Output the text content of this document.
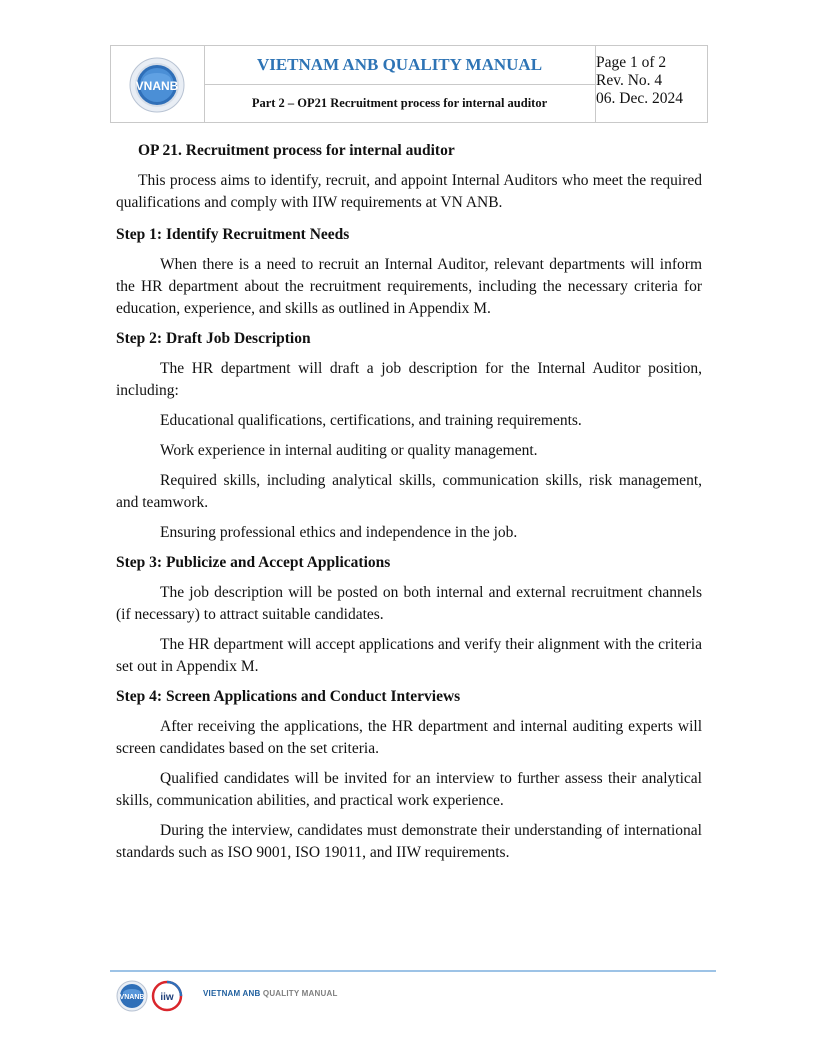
VNANB
VIETNAM ANB QUALITY MANUAL
Part 2 – OP21 Recruitment process for internal auditor
Page 1 of 2
Rev. No. 4
06. Dec. 2024

OP 21. Recruitment process for internal auditor

This process aims to identify, recruit, and appoint Internal Auditors who meet the required qualifications and comply with IIW requirements at VN ANB.

Step 1: Identify Recruitment Needs

When there is a need to recruit an Internal Auditor, relevant departments will inform the HR department about the recruitment requirements, including the necessary criteria for education, experience, and skills as outlined in Appendix M.

Step 2: Draft Job Description

The HR department will draft a job description for the Internal Auditor position, including:

Educational qualifications, certifications, and training requirements.

Work experience in internal auditing or quality management.

Required skills, including analytical skills, communication skills, risk management, and teamwork.

Ensuring professional ethics and independence in the job.

Step 3: Publicize and Accept Applications

The job description will be posted on both internal and external recruitment channels (if necessary) to attract suitable candidates.

The HR department will accept applications and verify their alignment with the criteria set out in Appendix M.

Step 4: Screen Applications and Conduct Interviews

After receiving the applications, the HR department and internal auditing experts will screen candidates based on the set criteria.

Qualified candidates will be invited for an interview to further assess their analytical skills, communication abilities, and practical work experience.

During the interview, candidates must demonstrate their understanding of international standards such as ISO 9001, ISO 19011, and IIW requirements.

VNANB iiw	VIETNAM ANB QUALITY MANUAL
